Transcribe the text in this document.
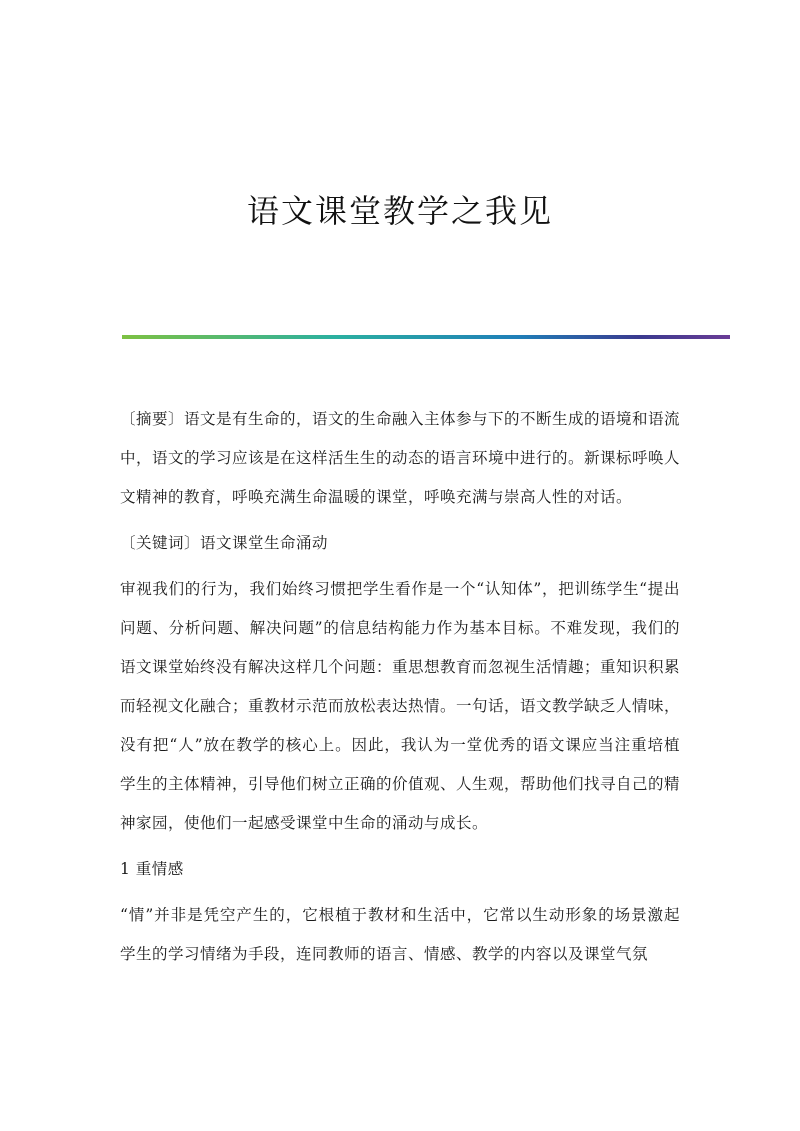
语文课堂教学之我见

〔摘要〕语文是有生命的，语文的生命融入主体参与下的不断生成的语境和语流中，语文的学习应该是在这样活生生的动态的语言环境中进行的。新课标呼唤人文精神的教育，呼唤充满生命温暖的课堂，呼唤充满与崇高人性的对话。

〔关键词〕语文课堂生命涌动

审视我们的行为，我们始终习惯把学生看作是一个“认知体”，把训练学生“提出问题、分析问题、解决问题”的信息结构能力作为基本目标。不难发现，我们的语文课堂始终没有解决这样几个问题：重思想教育而忽视生活情趣；重知识积累而轻视文化融合；重教材示范而放松表达热情。一句话，语文教学缺乏人情味，没有把“人”放在教学的核心上。因此，我认为一堂优秀的语文课应当注重培植学生的主体精神，引导他们树立正确的价值观、人生观，帮助他们找寻自己的精神家园，使他们一起感受课堂中生命的涌动与成长。

1 重情感

“情”并非是凭空产生的，它根植于教材和生活中，它常以生动形象的场景激起学生的学习情绪为手段，连同教师的语言、情感、教学的内容以及课堂气氛
